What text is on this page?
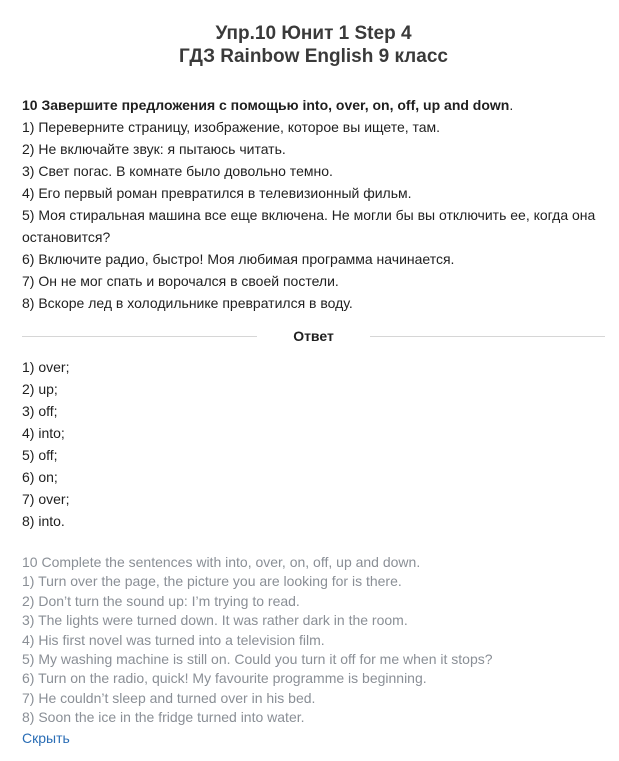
Упр.10 Юнит 1 Step 4
ГДЗ Rainbow English 9 класс

10 Завершите предложения с помощью into, over, on, off, up and down.

1) Переверните страницу, изображение, которое вы ищете, там.

2) Не включайте звук: я пытаюсь читать.

3) Свет погас. В комнате было довольно темно.

4) Его первый роман превратился в телевизионный фильм.

5) Моя стиральная машина все еще включена. Не могли бы вы отключить ее, когда она остановится?

6) Включите радио, быстро! Моя любимая программа начинается.

7) Он не мог спать и ворочался в своей постели.

8) Вскоре лед в холодильнике превратился в воду.

Ответ

1) over;

2) up;

3) off;

4) into;

5) off;

6) on;

7) over;

8) into.

10 Complete the sentences with into, over, on, off, up and down.

1) Turn over the page, the picture you are looking for is there.

2) Don’t turn the sound up: I’m trying to read.

3) The lights were turned down. It was rather dark in the room.

4) His first novel was turned into a television film.

5) My washing machine is still on. Could you turn it off for me when it stops?

6) Turn on the radio, quick! My favourite programme is beginning.

7) He couldn’t sleep and turned over in his bed.

8) Soon the ice in the fridge turned into water.

Скрыть
